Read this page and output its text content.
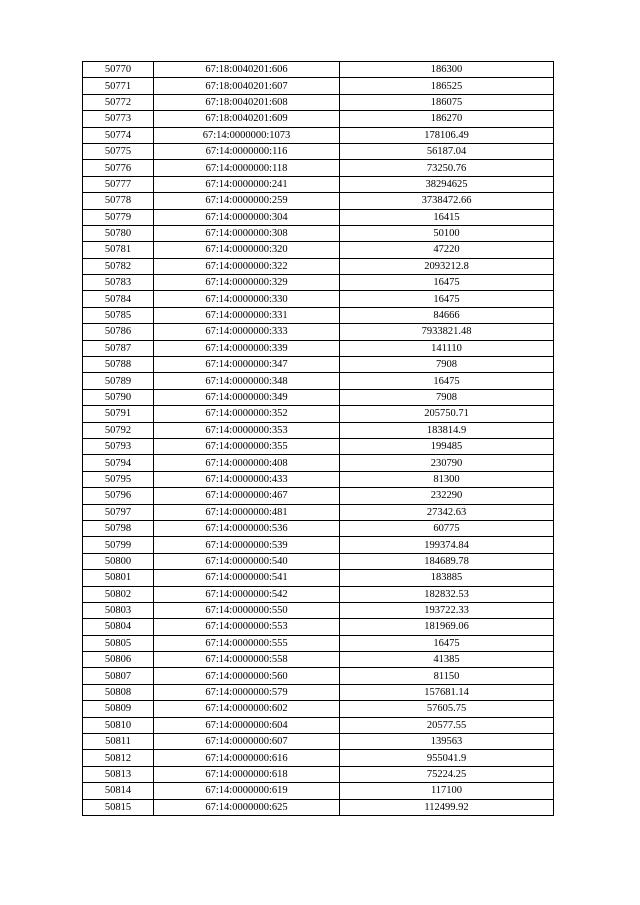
50770	67:18:0040201:606	186300
50771	67:18:0040201:607	186525
50772	67:18:0040201:608	186075
50773	67:18:0040201:609	186270
50774	67:14:0000000:1073	178106.49
50775	67:14:0000000:116	56187.04
50776	67:14:0000000:118	73250.76
50777	67:14:0000000:241	38294625
50778	67:14:0000000:259	3738472.66
50779	67:14:0000000:304	16415
50780	67:14:0000000:308	50100
50781	67:14:0000000:320	47220
50782	67:14:0000000:322	2093212.8
50783	67:14:0000000:329	16475
50784	67:14:0000000:330	16475
50785	67:14:0000000:331	84666
50786	67:14:0000000:333	7933821.48
50787	67:14:0000000:339	141110
50788	67:14:0000000:347	7908
50789	67:14:0000000:348	16475
50790	67:14:0000000:349	7908
50791	67:14:0000000:352	205750.71
50792	67:14:0000000:353	183814.9
50793	67:14:0000000:355	199485
50794	67:14:0000000:408	230790
50795	67:14:0000000:433	81300
50796	67:14:0000000:467	232290
50797	67:14:0000000:481	27342.63
50798	67:14:0000000:536	60775
50799	67:14:0000000:539	199374.84
50800	67:14:0000000:540	184689.78
50801	67:14:0000000:541	183885
50802	67:14:0000000:542	182832.53
50803	67:14:0000000:550	193722.33
50804	67:14:0000000:553	181969.06
50805	67:14:0000000:555	16475
50806	67:14:0000000:558	41385
50807	67:14:0000000:560	81150
50808	67:14:0000000:579	157681.14
50809	67:14:0000000:602	57605.75
50810	67:14:0000000:604	20577.55
50811	67:14:0000000:607	139563
50812	67:14:0000000:616	955041.9
50813	67:14:0000000:618	75224.25
50814	67:14:0000000:619	117100
50815	67:14:0000000:625	112499.92
